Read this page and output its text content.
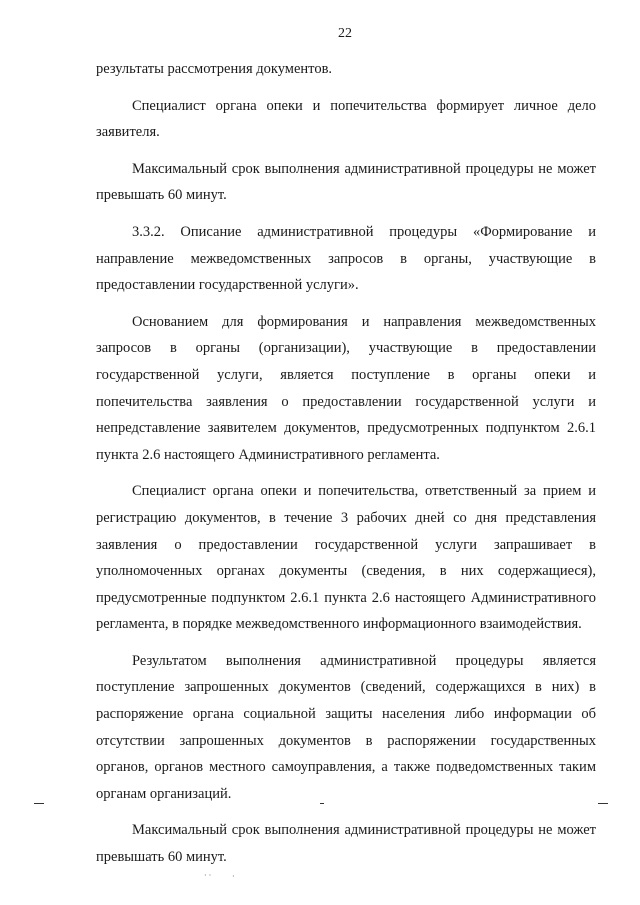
22

результаты рассмотрения документов.

Специалист органа опеки и попечительства формирует личное дело заявителя.

Максимальный срок выполнения административной процедуры не может превышать 60 минут.

3.3.2. Описание административной процедуры «Формирование и направление межведомственных запросов в органы, участвующие в предоставлении государственной услуги».

Основанием для формирования и направления межведомственных запросов в органы (организации), участвующие в предоставлении государственной услуги, является поступление в органы опеки и попечительства заявления о предоставлении государственной услуги и непредставление заявителем документов, предусмотренных подпунктом 2.6.1 пункта 2.6 настоящего Административного регламента.

Специалист органа опеки и попечительства, ответственный за прием и регистрацию документов, в течение 3 рабочих дней со дня представления заявления о предоставлении государственной услуги запрашивает в уполномоченных органах документы (сведения, в них содержащиеся), предусмотренные подпунктом 2.6.1 пункта 2.6 настоящего Административного регламента, в порядке межведомственного информационного взаимодействия.

Результатом выполнения административной процедуры является поступление запрошенных документов (сведений, содержащихся в них) в распоряжение органа социальной защиты населения либо информации об отсутствии запрошенных документов в распоряжении государственных органов, органов местного самоуправления, а также подведомственных таким органам организаций.

Максимальный срок выполнения административной процедуры не может превышать 60 минут.

· ·	·
